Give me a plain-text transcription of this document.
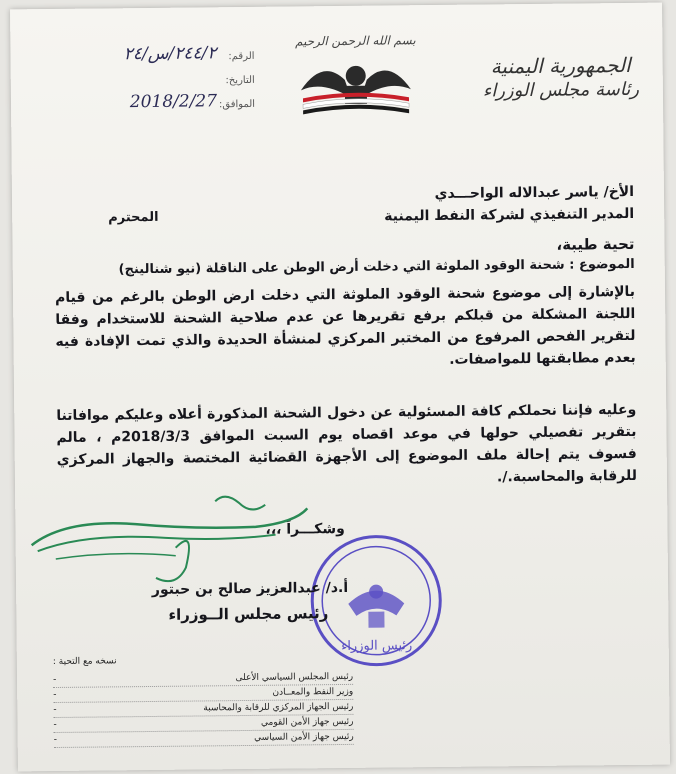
الجمهورية اليمنية
رئاسة مجلس الوزراء
بسم الله الرحمن الرحيم
الرقم:
٢٤٤/٢/س/٢٤
التاريخ:
الموافق:
2018/2/27
الأخ/ ياسر عبدالاله الواحـــدي
المدير التنفيذي لشركة النفط اليمنية
المحترم
تحية طيبة،
الموضوع : شحنة الوقود الملوثة التي دخلت أرض الوطن على الناقلة (نيو شنالينج)
بالإشارة إلى موضوع شحنة الوقود الملوثة التي دخلت ارض الوطن بالرغم من قيام اللجنة المشكلة من قبلكم برفع تقريرها عن عدم صلاحية الشحنة للاستخدام وفقا لتقرير الفحص المرفوع من المختبر المركزي لمنشأة الحديدة والذي تمت الإفادة فيه بعدم مطابقتها للمواصفات.
وعليه فإننا نحملكم كافة المسئولية عن دخول الشحنة المذكورة أعلاه وعليكم موافاتنا بتقرير تفصيلي حولها في موعد اقصاه يوم السبت الموافق 2018/3/3م ، مالم فسوف يتم إحالة ملف الموضوع إلى الأجهزة القضائية المختصة والجهاز المركزي للرقابة والمحاسبة./.
وشكـــراً ،،،
رئيس الوزراء
أ.د/ عبدالعزيز صالح بن حبتور
رئيس مجلس الــوزراء
نسخه مع التحية :
رئيس المجلس السياسي الأعلى
-
وزير النفط والمعــادن
-
رئيس الجهاز المركزي للرقابة والمحاسبة
-
رئيس جهاز الأمن القومي
-
رئيس جهاز الأمن السياسي
-
